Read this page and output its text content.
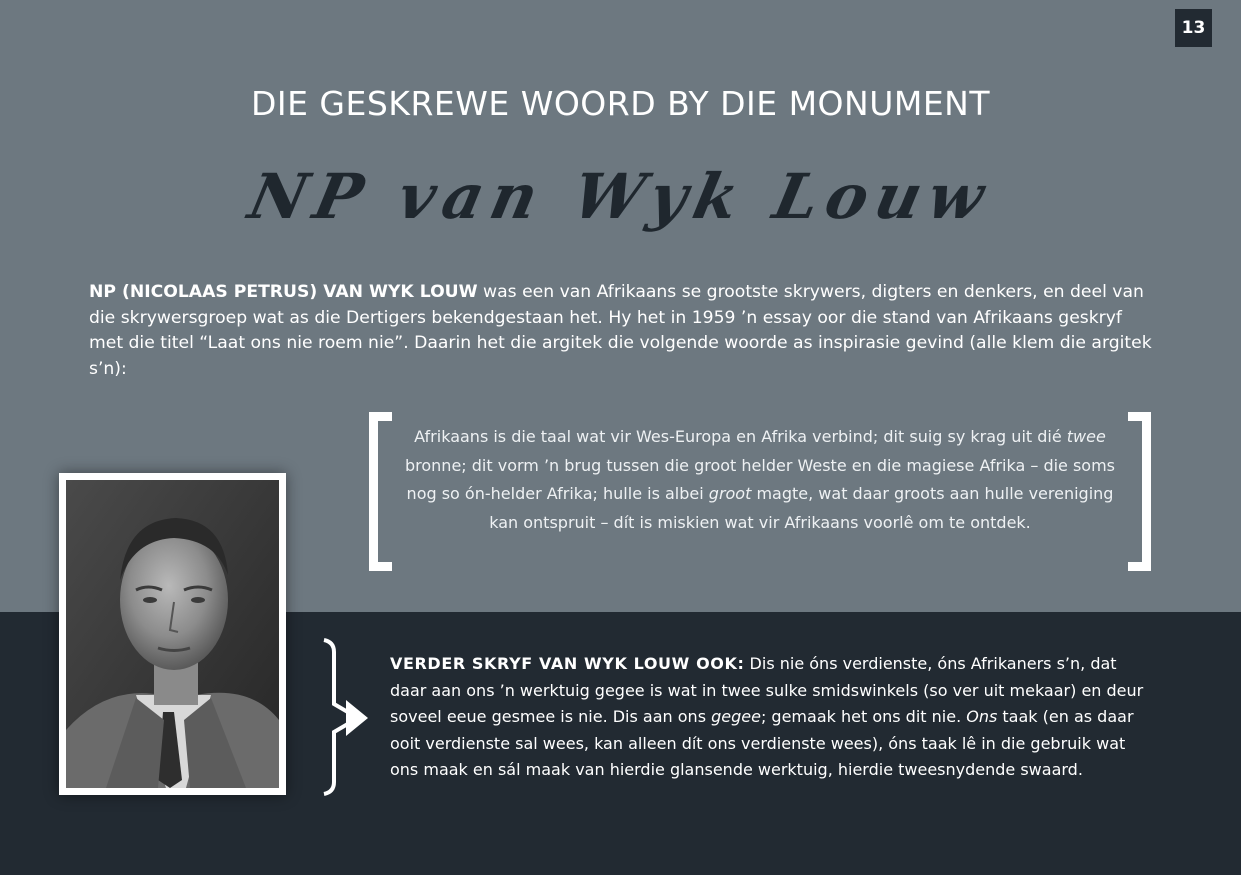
13
DIE GESKREWE WOORD BY DIE MONUMENT
NP van Wyk Louw

NP (NICOLAAS PETRUS) VAN WYK LOUW was een van Afrikaans se grootste skrywers, digters en denkers, en deel van die skrywersgroep wat as die Dertigers bekendgestaan het. Hy het in 1959 ’n essay oor die stand van Afrikaans geskryf met die titel “Laat ons nie roem nie”. Daarin het die argitek die volgende woorde as inspirasie gevind (alle klem die argitek s’n):

Afrikaans is die taal wat vir Wes-Europa en Afrika verbind; dit suig sy krag uit dié twee bronne; dit vorm ’n brug tussen die groot helder Weste en die magiese Afrika – die soms nog so ón-helder Afrika; hulle is albei groot magte, wat daar groots aan hulle vereniging kan ontspruit – dít is miskien wat vir Afrikaans voorlê om te ontdek.

VERDER SKRYF VAN WYK LOUW OOK: Dis nie óns verdienste, óns Afrikaners s’n, dat daar aan ons ’n werktuig gegee is wat in twee sulke smidswinkels (so ver uit mekaar) en deur soveel eeue gesmee is nie. Dis aan ons gegee; gemaak het ons dit nie. Ons taak (en as daar ooit verdienste sal wees, kan alleen dít ons verdienste wees), óns taak lê in die gebruik wat ons maak en sál maak van hierdie glansende werktuig, hierdie tweesnydende swaard.
